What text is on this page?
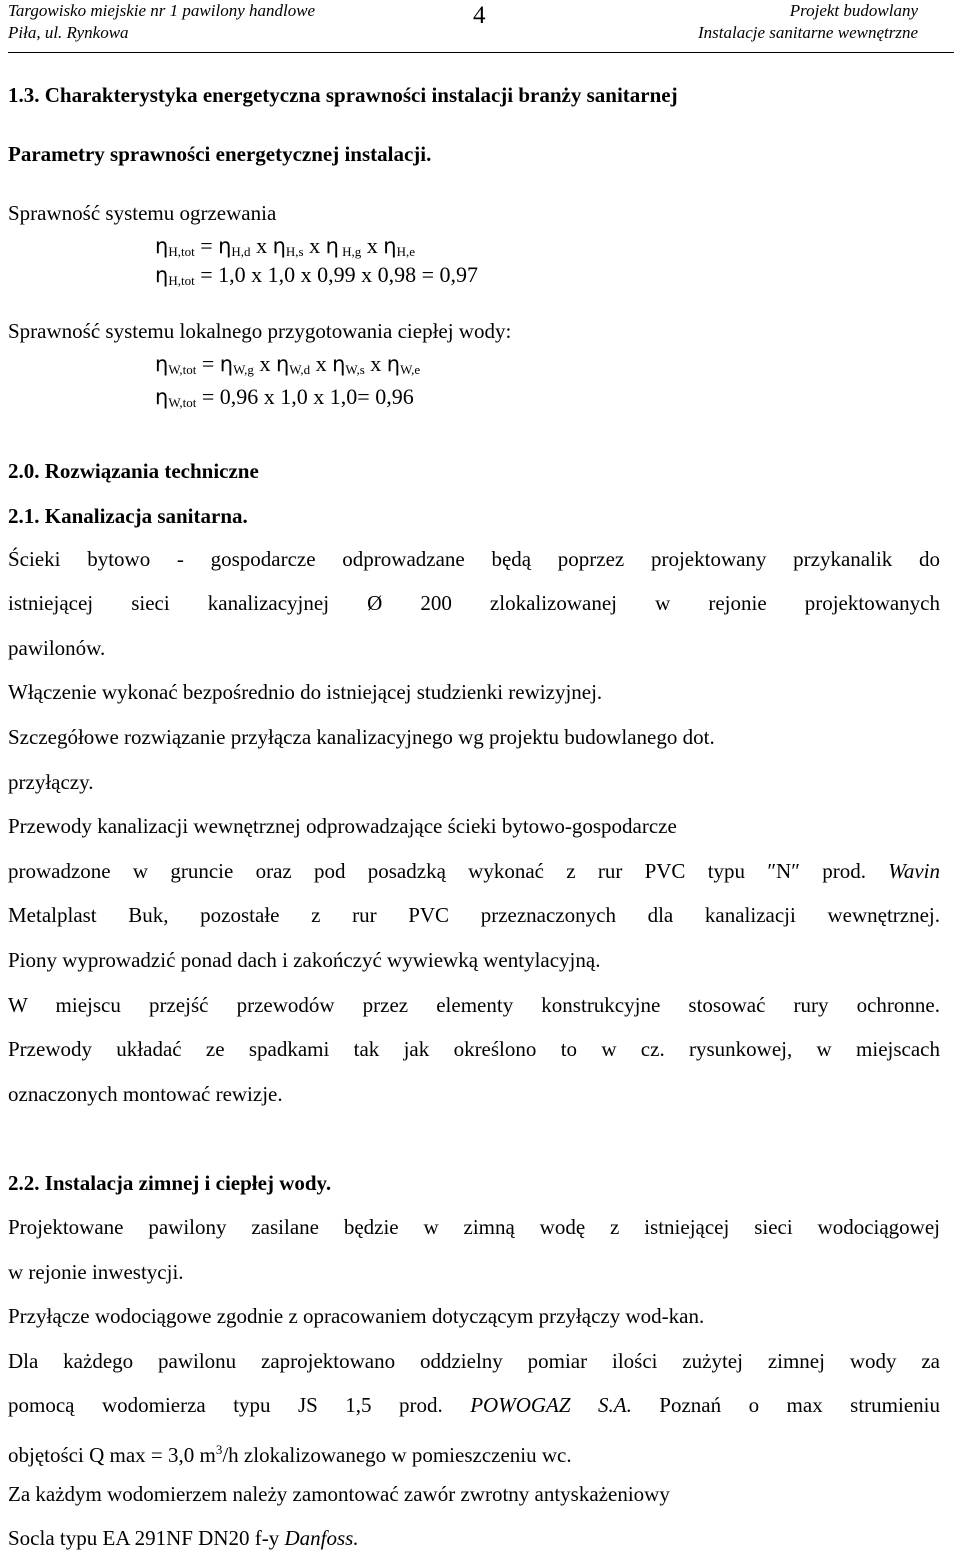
Targowisko miejskie nr 1 pawilony handlowe
Piła, ul. Rynkowa
4	Projekt budowlany
Instalacje sanitarne wewnętrzne
1.3. Charakterystyka energetyczna sprawności instalacji branży sanitarnej
Parametry sprawności energetycznej instalacji.
Sprawność systemu ogrzewania
$\eta_{H,tot} = \eta_{H,d}$ x $\eta_{H,s}$ x η $_{H,g}$ x $\eta_{H,e}$
$\eta_{H,tot} = 1,0$ x 1,0 x 0,99 x 0,98 = 0,97
Sprawność systemu lokalnego przygotowania ciepłej wody:
$\eta_{W,tot} = \eta_{W,g}$ x $\eta_{W,d}$ x $\eta_{W,s}$ x $\eta_{W,e}$
$\eta_{W,tot} = 0,96$ x 1,0 x 1,0= 0,96
2.0. Rozwiązania techniczne
2.1. Kanalizacja sanitarna.
Ścieki bytowo - gospodarcze odprowadzane będą poprzez projektowany przykanalik do
istniejącej sieci kanalizacyjnej Ø 200 zlokalizowanej w rejonie projektowanych
pawilonów.
Włączenie wykonać bezpośrednio do istniejącej studzienki rewizyjnej.
Szczegółowe rozwiązanie przyłącza kanalizacyjnego wg projektu budowlanego dot.
przyłączy.
Przewody kanalizacji wewnętrznej odprowadzające ścieki bytowo-gospodarcze
prowadzone w gruncie oraz pod posadzką wykonać z rur PVC typu ″N″ prod. Wavin
Metalplast Buk, pozostałe z rur PVC przeznaczonych dla kanalizacji wewnętrznej.
Piony wyprowadzić ponad dach i zakończyć wywiewką wentylacyjną.
W miejscu przejść przewodów przez elementy konstrukcyjne stosować rury ochronne.
Przewody układać ze spadkami tak jak określono to w cz. rysunkowej, w miejscach
oznaczonych montować rewizje.
2.2. Instalacja zimnej i ciepłej wody.
Projektowane pawilony zasilane będzie w zimną wodę z istniejącej sieci wodociągowej
w rejonie inwestycji.
Przyłącze wodociągowe zgodnie z opracowaniem dotyczącym przyłączy wod-kan.
Dla każdego pawilonu zaprojektowano oddzielny pomiar ilości zużytej zimnej wody za
pomocą wodomierza typu JS 1,5 prod. POWOGAZ S.A. Poznań o max strumieniu
objętości Q max = 3,0 $m^3/h$ zlokalizowanego w pomieszczeniu wc.
Za każdym wodomierzem należy zamontować zawór zwrotny antyskażeniowy
Socla typu EA 291NF DN20 f-y Danfoss.
